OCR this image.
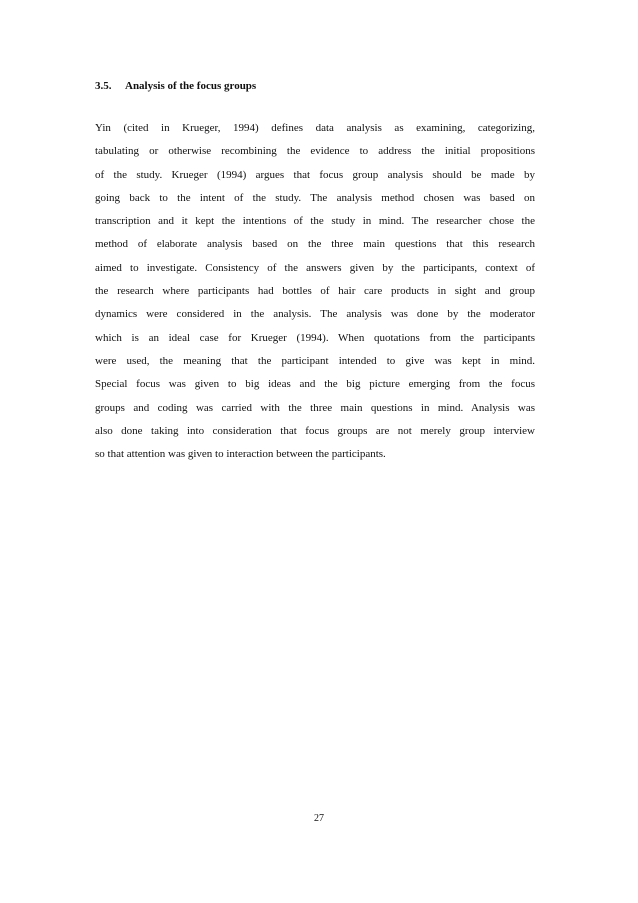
3.5. Analysis of the focus groups
Yin (cited in Krueger, 1994) defines data analysis as examining, categorizing,
tabulating or otherwise recombining the evidence to address the initial propositions
of the study. Krueger (1994) argues that focus group analysis should be made by
going back to the intent of the study. The analysis method chosen was based on
transcription and it kept the intentions of the study in mind. The researcher chose the
method of elaborate analysis based on the three main questions that this research
aimed to investigate. Consistency of the answers given by the participants, context of
the research where participants had bottles of hair care products in sight and group
dynamics were considered in the analysis. The analysis was done by the moderator
which is an ideal case for Krueger (1994). When quotations from the participants
were used, the meaning that the participant intended to give was kept in mind.
Special focus was given to big ideas and the big picture emerging from the focus
groups and coding was carried with the three main questions in mind. Analysis was
also done taking into consideration that focus groups are not merely group interview
so that attention was given to interaction between the participants.
27
